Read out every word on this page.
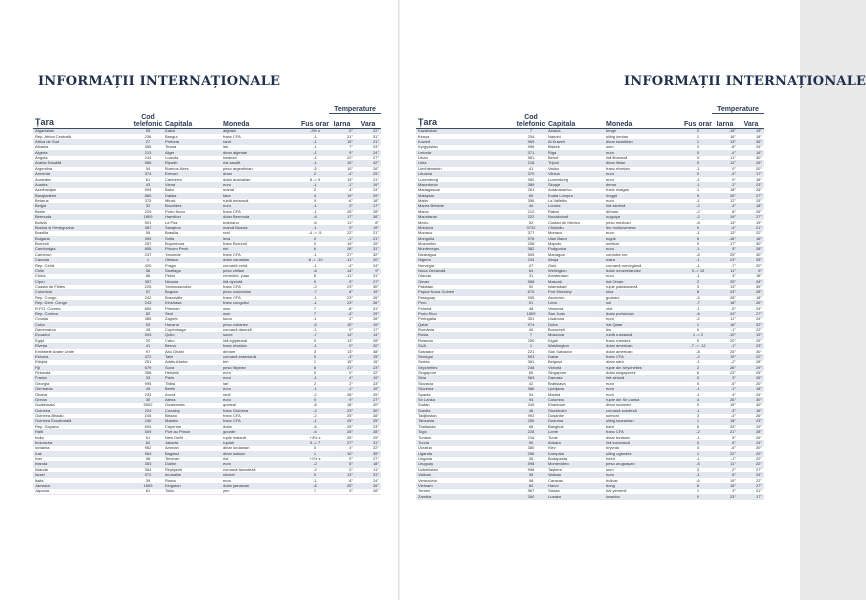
INFORMAȚII INTERNAȚIONALE
Țara	Cod telefonic	Capitala	Moneda	Fus orar	Temperature	
					Iarna	Vara
Afganistan	93	Kabul	afghani	-3½ s	0°	22°
Rep. Africa Centrală	236	Bangui	franc CFA	-1	21°	31°
Africa de Sud	27	Pretoria	rand	-1	15°	21°
Albania	355	Tirana	lek	-1	7°	24°
Algeria	213	Alger	dinar algerian	-1	9°	24°
Angola	244	Luanda	kwanza	-1	22°	27°
Arabia Saudită	966	Riyadh	rial saudit	-1	15°	42°
Argentina	54	Buenos Aires	peso argentinian	-5	10°	26°
Armenia	374	Erevan	dram	2	-4°	25°
Australia	61	Canberra	dolar australian	8 -> 9	13°	21°
Austria	43	Viena	euro	-1	-1°	19°
Azerbaidjan	994	Baku	manat	2	4°	24°
Bangladesh	880	Dakka	taka	4	19°	29°
Belarus	375	Minsk	rublă belarusă	0	-6°	18°
Belgia	32	Bruxelles	euro	-1	3°	17°
Benin	229	Porto Novo	franc CFA	-1	25°	28°
Bermuda	1809	Hamilton	dolar Bermuda	-6	17°	26°
Bolivia	591	La Paz	boliviano	-6	11°	8°
Bosnia și Herțegovina	387	Sarajevo	marcă Bosnia	-1	0°	19°
Brazilia	55	Brasilia	real	-4 -> -5	22°	21°
Bulgaria	359	Sofia	leva	0	-1°	21°
Burundi	257	Bujumbura	franc Burundi	0	19°	25°
Cambodgia	855	Phnom Penh	riel	6	26°	31°
Camerun	237	Yaounde	franc CFA	-1	27°	32°
Canada	1	Ottawa	dolar canadian	-6 -> -10	-11°	20°
Rep. Cehă	420	Praga	coroană cehă	-1	-4°	24°
Chile	56	Santiago	peso chilian	-6	14°	9°
China	86	Pekin	renminbi, yuan	6	-11°	31°
Cipru	357	Nicosia	liră cipriotă	0	9°	27°
Coasta de Fildeș	225	Yamoussoukro	franc CFA	-2	23°	30°
Columbia	57	Bogota	peso columbian	-7	8°	19°
Rep. Congo	242	Brazaville	franc CFA	-1	23°	26°
Rep. Dem. Congo	243	Kinshasa	franc congolez	-1	23°	26°
R.P.D. Coreea	850	Phenian	won	7	-8°	31°
Rep. Coreea	82	Seul	won	7	-4°	29°
Croația	385	Zagreb	kuna	-1	2°	28°
Cuba	53	Havana	peso cubanez	-5	10°	19°
Danemarca	45	Copenhaga	coroană daneză	-1	0°	17°
Ecuador	593	Quito	sucre	-7	14°	14°
Egipt	20	Cairo	liră egipteană	0	13°	28°
Elveția	41	Berna	franc elvețian	-1	0°	20°
Emiratele Arabe Unite	97	Abu Dhabi	dirham	3	13°	38°
Estonia	372	Talin	coroană estoniană	0	-3°	15°
Etiopia	251	Addis Abeba	birr	1	15°	15°
Fiji	679	Suva	peso filipinez	6	21°	23°
Finlanda	358	Helsinki	euro	0	0°	22°
Franța	33	Paris	euro	-1	4°	19°
Georgia	995	Tbilisi	lari	2	2°	23°
Germania	49	Berlin	euro	-1	-1°	19°
Ghana	233	Accra	cedi	-2	26°	25°
Grecia	30	Atena	euro	0	9°	27°
Guatemala	5502	Guatemala	quetzal	-8	16°	20°
Guineea	224	Conakry	franc Guineea	-2	23°	30°
Guineea-Bissau	245	Bissau	franc CFA	-2	25°	28°
Guineea Ecuatorială	240	Malabo	franc CFA	-1	25°	25°
Rep. Guyana	594	Cayenne	dolar	-6	25°	23°
Haiti	509	Port au Prince	gourde	-6	25°	28°
India	91	New Delhi	rupie indiană	+3½ s	25°	29°
Indonezia	62	Jakarta	rupiah	5 -> 7	27°	31°
Iordania	962	Amman	dinar iordanian	0	4°	22°
Irak	964	Bagdad	dinar irakian	1	10°	35°
Iran	98	Teheran	rial	+1½ s	0°	27°
Irlanda	353	Dublin	euro	-2	6°	18°
Islanda	354	Reykjavik	coroană islandeză	-2	0°	11°
Israel	972	Ierusalim	shekel	0	13°	31°
Italia	39	Roma	euro	-1	8°	24°
Jamaica	1809	Kingston	dolar jamaican	-6	25°	26°
Japonia	81	Tokio	yen	7	3°	28°
INFORMAȚII INTERNAȚIONALE
Țara	Cod telefonic	Capitala	Moneda	Fus orar	Temperature	
					Iarna	Vara
Kazahstan	7	Astana	tenge	2	-16°	19°
Kenya	254	Nairobi	șiling kenian	1	16°	18°
Kuweit	965	Al Kuweit	dinar kuweitian	1	13°	36°
Kyrgyzstan	996	Bișkek	som	3	-8°	24°
Letonia	371	Riga	euro	0	-4°	16°
Liban	961	Beirut	liră libaneză	0	11°	30°
Libia	218	Tripoli	dinar libian	0	12°	26°
Liechtenstein	41	Vaduz	franc elvețian	-1	0°	20°
Lituania	370	Vilnius	euro	0	-4°	17°
Luxemburg	352	Luxemburg	euro	-1	0°	18°
Macedonia	389	Skopje	denar	-1	2°	23°
Madagascar	261	Antananarivo	franc malgaș	1	18°	25°
Malaysia	60	Kuala Lumpur	ringgit	5	26°	27°
Malta	356	La Valletta	euro	-1	12°	25°
Marea Britanie	44	Londra	liră sterlină	-2	4°	18°
Maroc	212	Rabat	dirham	-2	8°	26°
Mauritania	222	Nouakchott	ouguiya	-2	19°	27°
Mexic	52	Ciudad de Mexico	peso mexican	-8	13°	19°
Moldova	3732	Chișinău	leu moldovenesc	0	-4°	21°
Monaco	377	Monaco	euro	-1	13°	22°
Mongolia	976	Ulan Bator	tugrik	6	-16°	16°
Mozambic	258	Maputo	metical	0	17°	30°
Muntenegru	382	Podgorica	euro	-1	5°	28°
Nicaragua	505	Managua	cordoba oro	-8	25°	30°
Nigeria	234	Abuja	naira	-1	23°	25°
Norvegia	47	Oslo	coroană norvegiană	-1	-7°	20°
Noua Zeelandă	64	Wellington	dolar neozeelandez	9 -> 10	11°	6°
Olanda	31	Amsterdam	euro	-1	3°	18°
Oman	968	Mascați	rial Oman	2	25°	34°
Pakistan	92	Islamabad	rupie pakistaneză	3	13°	35°
Papua Noua Guinee	675	Port Moresby	kina	8	24°	28°
Paraguay	595	Asunción	guarani	-5	28°	18°
Peru	51	Lima	sol	-7	18°	26°
Polonia	48	Varșovia	zlot	-1	-5°	24°
Porto Rico	1809	San Juan	dolar portorican	-6	24°	27°
Portugalia	351	Lisabona	euro	-2	11°	24°
Qatar	974	Doha	rial Qatar	1	16°	32°
România	40	București	leu	0	-1°	22°
Rusia	7	Moscova	rublă rusească	1 -> 2	-10°	19°
Rwanda	250	Kigali	franc ruandez	0	20°	25°
SUA	1	Washington	dolar american	-7 -> -12	-1°	23°
Salvador	221	San Salvador	dolar american	-8	25°	30°
Senegal	503	Dakar	franc CFA	-2	19°	22°
Serbia	381	Belgrad	dinar sârb	-1	-2°	28°
Seychelles	248	Victoria	rupie din Seychelles	2	26°	29°
Singapore	65	Singapore	dolar singaporez	6	23°	25°
Siria	963	Damasc	liră siriană	0	3°	26°
Slovacia	42	Bratislava	euro	0	-5°	20°
Slovenia	386	Ljubljana	euro	-1	-1°	18°
Spania	34	Madrid	euro	-1	4°	24°
Sri Lanka	94	Colombo	rupie din Sri Lanka	4	26°	30°
Sudan	249	Khartoum	dinar sudanez	0	15°	40°
Suedia	46	Stockholm	coroană suedeză	-1	-3°	16°
Tadjikistan	992	Dușanbe	somoni	3	-4°	26°
Tanzania	255	Dodoma	șiling tanzanian	1	18°	23°
Thailanda	66	Bangkok	baht	5	25°	29°
Togo	228	Lome	franc CFA	-2	21°	28°
Tunisia	216	Tunis	dinar tunisian	-1	9°	26°
Turcia	90	Ankara	liră turcească	0	6°	24°
Ucraina	380	Kiev	hryvnia	0	-6°	20°
Uganda	256	Kampala	șiling ugandez	1	22°	20°
Ungaria	36	Budapesta	forint	-1	-1°	22°
Uruguay	598	Montevideo	peso uruguayan	-5	11°	22°
Uzbekistan	998	Tașkent	sum	3	2°	27°
Vatican	39	Vatican	euro	-1	8°	24°
Venezuela	58	Caracas	bolivar	-6	19°	22°
Vietnam	84	Hanoi	dong	6	16°	27°
Yemen	967	Sanaa	rial yemenit	1	3°	21°
Zambia	260	Lusaka	kwacha	0	23°	17°
